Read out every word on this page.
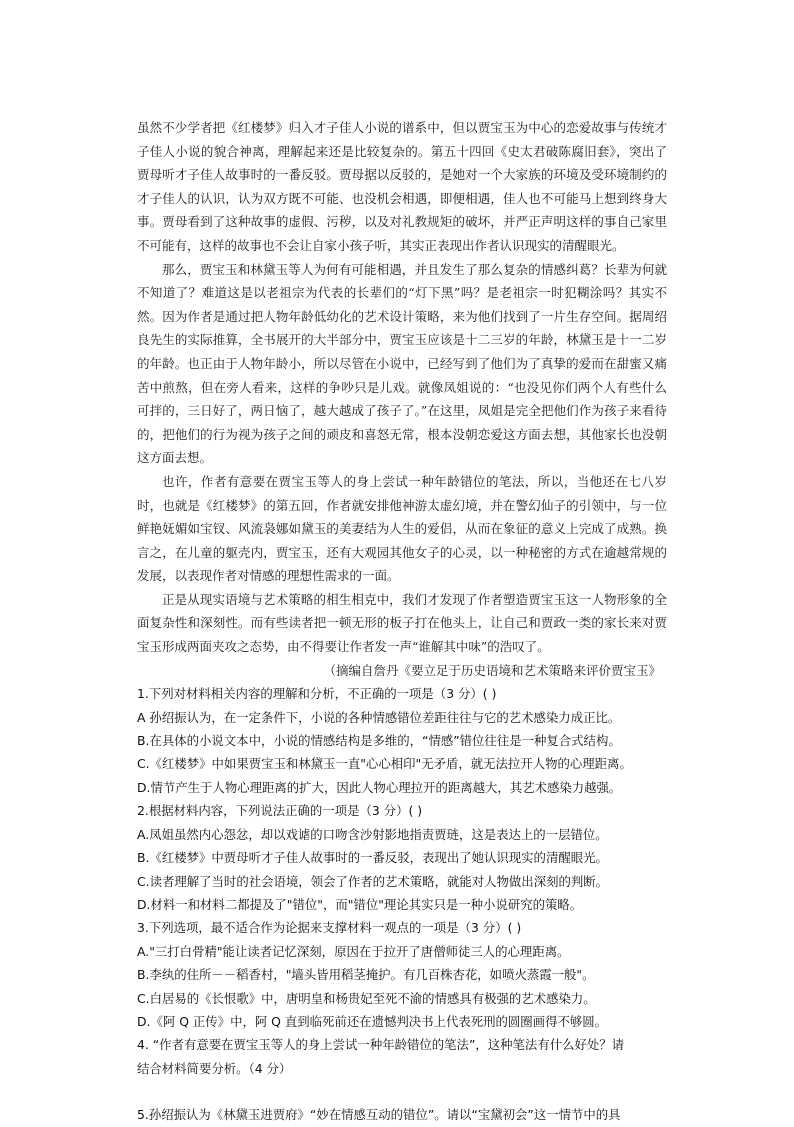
虽然不少学者把《红楼梦》归入才子佳人小说的谱系中，但以贾宝玉为中心的恋爱故事与传统才子佳人小说的貌合神离，理解起来还是比较复杂的。第五十四回《史太君破陈腐旧套》，突出了贾母听才子佳人故事时的一番反驳。贾母据以反驳的，是她对一个大家族的环境及受环境制约的才子佳人的认识，认为双方既不可能、也没机会相遇，即便相遇，佳人也不可能马上想到终身大事。贾母看到了这种故事的虚假、污秽，以及对礼教规矩的破坏，并严正声明这样的事自己家里不可能有，这样的故事也不会让自家小孩子听，其实正表现出作者认识现实的清醒眼光。

那么，贾宝玉和林黛玉等人为何有可能相遇，并且发生了那么复杂的情感纠葛？长辈为何就不知道了？难道这是以老祖宗为代表的长辈们的“灯下黑”吗？是老祖宗一时犯糊涂吗？其实不然。因为作者是通过把人物年龄低幼化的艺术设计策略，来为他们找到了一片生存空间。据周绍良先生的实际推算，全书展开的大半部分中，贾宝玉应该是十二三岁的年龄，林黛玉是十一二岁的年龄。也正由于人物年龄小，所以尽管在小说中，已经写到了他们为了真挚的爱而在甜蜜又痛苦中煎熬，但在旁人看来，这样的争吵只是儿戏。就像凤姐说的：“也没见你们两个人有些什么可拌的，三日好了，两日恼了，越大越成了孩子了。”在这里，凤姐是完全把他们作为孩子来看待的，把他们的行为视为孩子之间的顽皮和喜怒无常，根本没朝恋爱这方面去想，其他家长也没朝这方面去想。

也许，作者有意要在贾宝玉等人的身上尝试一种年龄错位的笔法，所以，当他还在七八岁时，也就是《红楼梦》的第五回，作者就安排他神游太虚幻境，并在警幻仙子的引领中，与一位鲜艳妩媚如宝钗、风流袅娜如黛玉的美妻结为人生的爱侣，从而在象征的意义上完成了成熟。换言之，在儿童的躯壳内，贾宝玉，还有大观园其他女子的心灵，以一种秘密的方式在逾越常规的发展，以表现作者对情感的理想性需求的一面。

正是从现实语境与艺术策略的相生相克中，我们才发现了作者塑造贾宝玉这一人物形象的全面复杂性和深刻性。而有些读者把一顿无形的板子打在他头上，让自己和贾政一类的家长来对贾宝玉形成两面夹攻之态势，由不得要让作者发一声“谁解其中味”的浩叹了。

（摘编自詹丹《要立足于历史语境和艺术策略来评价贾宝玉》

1.下列对材料相关内容的理解和分析，不正确的一项是（3 分）( )

A 孙绍振认为，在一定条件下，小说的各种情感错位差距往往与它的艺术感染力成正比。

B.在具体的小说文本中，小说的情感结构是多维的，“情感”错位往往是一种复合式结构。

C.《红楼梦》中如果贾宝玉和林黛玉一直"心心相印"无矛盾，就无法拉开人物的心理距离。

D.情节产生于人物心理距离的扩大，因此人物心理拉开的距离越大，其艺术感染力越强。

2.根据材料内容，下列说法正确的一项是（3 分）( )

A.凤姐虽然内心怨忿，却以戏谑的口吻含沙射影地指责贾琏，这是表达上的一层错位。

B.《红楼梦》中贾母听才子佳人故事时的一番反驳，表现出了她认识现实的清醒眼光。

C.读者理解了当时的社会语境，领会了作者的艺术策略，就能对人物做出深刻的判断。

D.材料一和材料二都提及了"错位"，而"错位"理论其实只是一种小说研究的策略。

3.下列选项，最不适合作为论据来支撑材料一观点的一项是（3 分）( )

A."三打白骨精"能让读者记忆深刻，原因在于拉开了唐僧师徒三人的心理距离。

B.李纨的住所－－稻香村，"墙头皆用稻茎掩护。有几百株杏花，如喷火蒸霞一般"。

C.白居易的《长恨歌》中，唐明皇和杨贵妃至死不渝的情感具有极强的艺术感染力。

D.《阿 Q 正传》中，阿 Q 直到临死前还在遗憾判决书上代表死刑的圆圈画得不够圆。

4. “作者有意要在贾宝玉等人的身上尝试一种年龄错位的笔法”，这种笔法有什么好处？请

结合材料简要分析。（4 分）

5.孙绍振认为《林黛玉进贾府》“妙在情感互动的错位”。请以“宝黛初会”这一情节中的具
